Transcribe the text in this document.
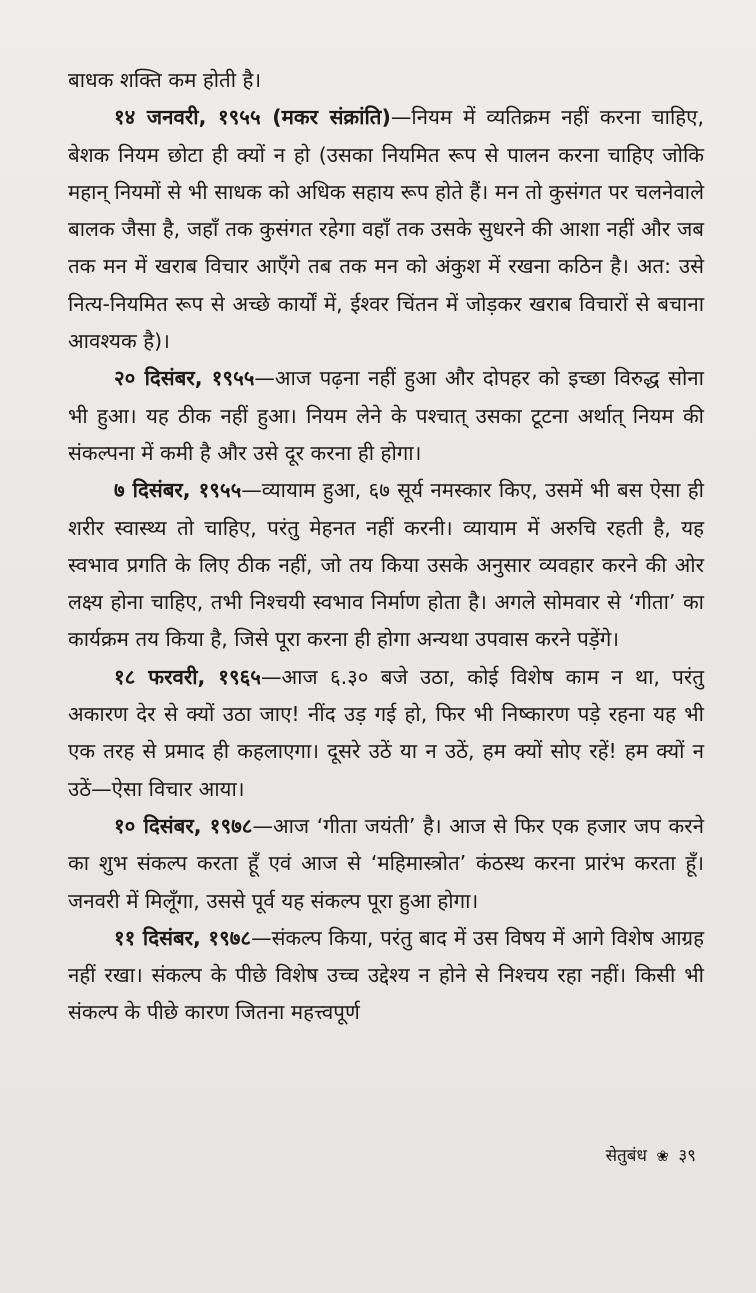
बाधक शक्ति कम होती है।

१४ जनवरी, १९५५ (मकर संक्रांति)—नियम में व्यतिक्रम नहीं करना चाहिए, बेशक नियम छोटा ही क्यों न हो (उसका नियमित रूप से पालन करना चाहिए जोकि महान् नियमों से भी साधक को अधिक सहाय रूप होते हैं। मन तो कुसंगत पर चलनेवाले बालक जैसा है, जहाँ तक कुसंगत रहेगा वहाँ तक उसके सुधरने की आशा नहीं और जब तक मन में खराब विचार आएँगे तब तक मन को अंकुश में रखना कठिन है। अत: उसे नित्य-नियमित रूप से अच्छे कार्यों में, ईश्वर चिंतन में जोड़कर खराब विचारों से बचाना आवश्यक है)।

२० दिसंबर, १९५५—आज पढ़ना नहीं हुआ और दोपहर को इच्छा विरुद्ध सोना भी हुआ। यह ठीक नहीं हुआ। नियम लेने के पश्चात् उसका टूटना अर्थात् नियम की संकल्पना में कमी है और उसे दूर करना ही होगा।

७ दिसंबर, १९५५—व्यायाम हुआ, ६७ सूर्य नमस्कार किए, उसमें भी बस ऐसा ही शरीर स्वास्थ्य तो चाहिए, परंतु मेहनत नहीं करनी। व्यायाम में अरुचि रहती है, यह स्वभाव प्रगति के लिए ठीक नहीं, जो तय किया उसके अनुसार व्यवहार करने की ओर लक्ष्य होना चाहिए, तभी निश्चयी स्वभाव निर्माण होता है। अगले सोमवार से ‘गीता’ का कार्यक्रम तय किया है, जिसे पूरा करना ही होगा अन्यथा उपवास करने पड़ेंगे।

१८ फरवरी, १९६५—आज ६.३० बजे उठा, कोई विशेष काम न था, परंतु अकारण देर से क्यों उठा जाए! नींद उड़ गई हो, फिर भी निष्कारण पड़े रहना यह भी एक तरह से प्रमाद ही कहलाएगा। दूसरे उठें या न उठें, हम क्यों सोए रहें! हम क्यों न उठें—ऐसा विचार आया।

१० दिसंबर, १९७८—आज ‘गीता जयंती’ है। आज से फिर एक हजार जप करने का शुभ संकल्प करता हूँ एवं आज से ‘महिमास्त्रोत’ कंठस्थ करना प्रारंभ करता हूँ। जनवरी में मिलूँगा, उससे पूर्व यह संकल्प पूरा हुआ होगा।

११ दिसंबर, १९७८—संकल्प किया, परंतु बाद में उस विषय में आगे विशेष आग्रह नहीं रखा। संकल्प के पीछे विशेष उच्च उद्देश्य न होने से निश्चय रहा नहीं। किसी भी संकल्प के पीछे कारण जितना महत्त्वपूर्ण

सेतुबंध ❀ ३९
